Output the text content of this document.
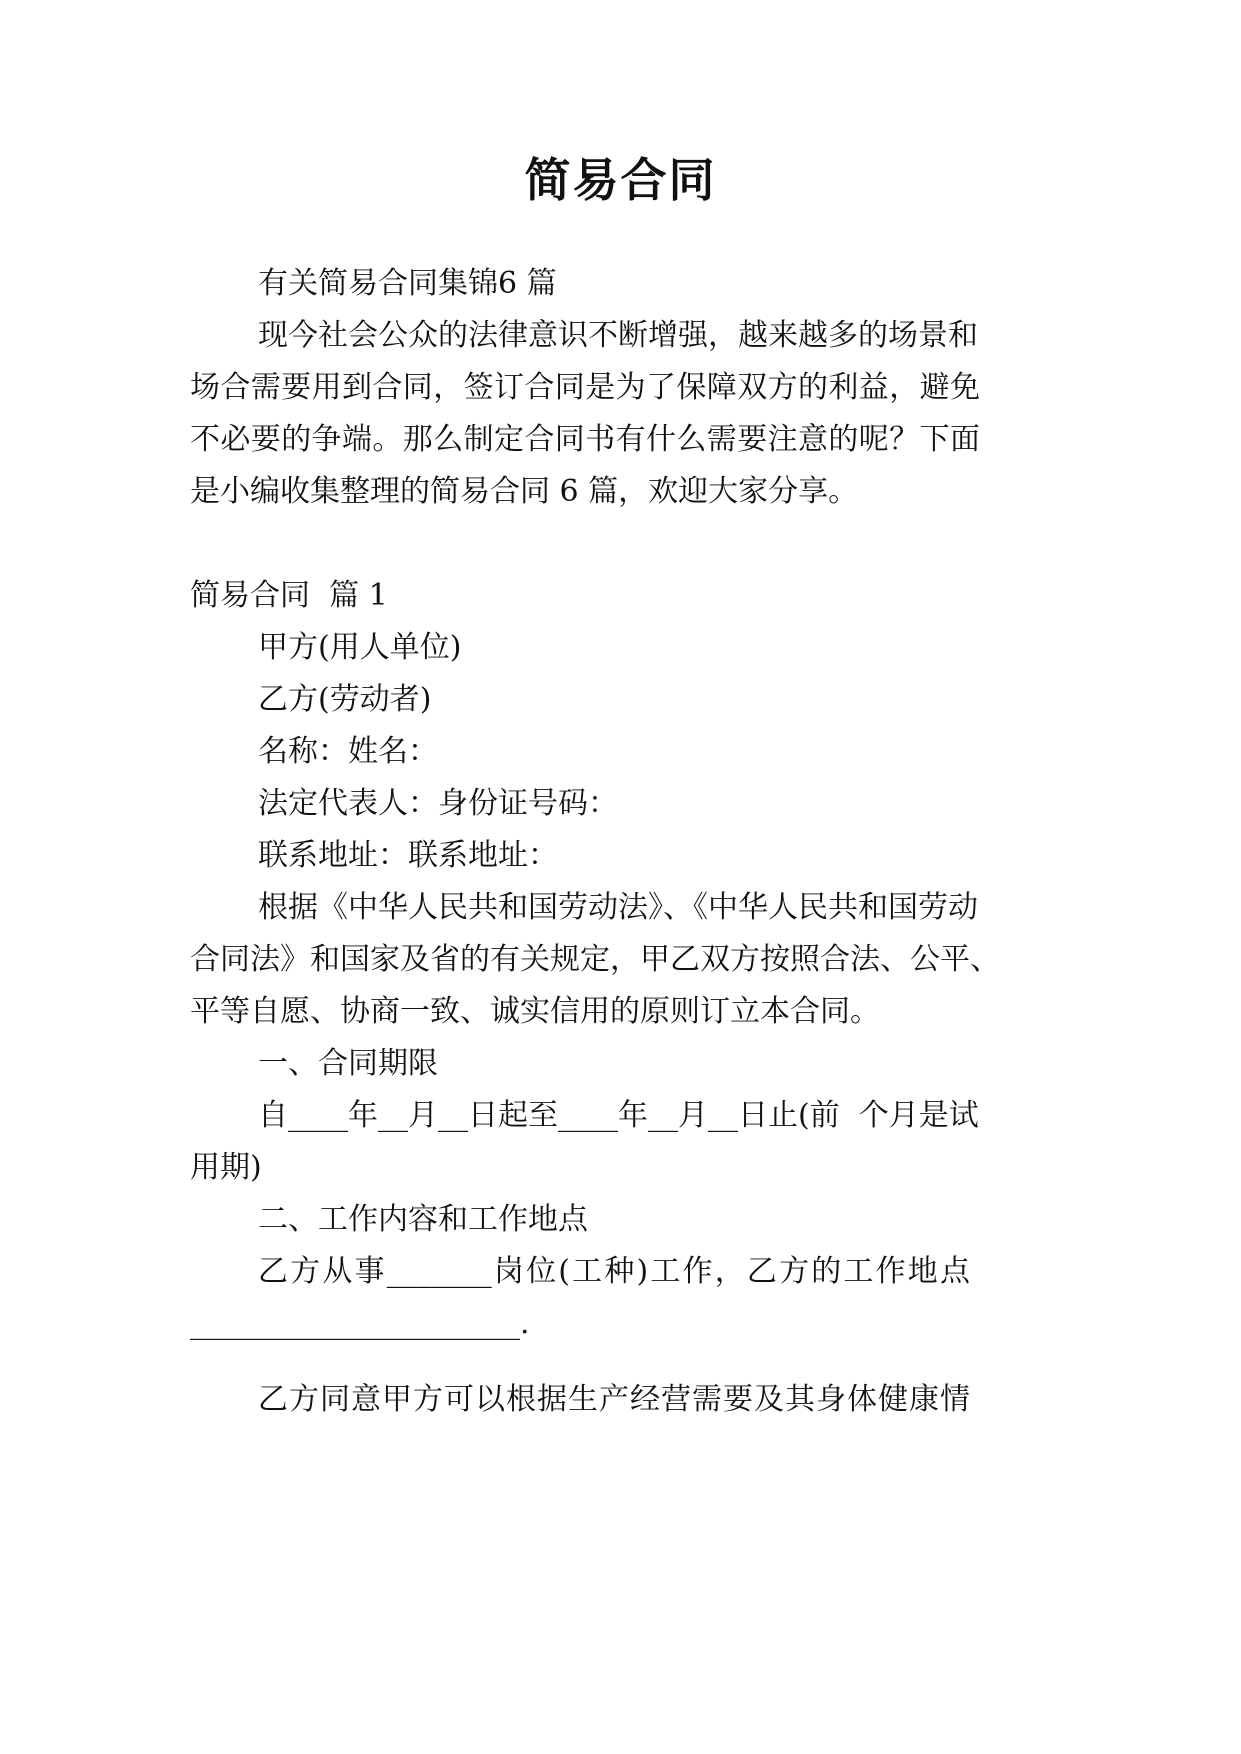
简易合同
有关简易合同集锦6 篇
现今社会公众的法律意识不断增强，越来越多的场景和
场合需要用到合同，签订合同是为了保障双方的利益，避免
不必要的争端。那么制定合同书有什么需要注意的呢？下面
是小编收集整理的简易合同 6 篇，欢迎大家分享。
简易合同  篇 1
甲方(用人单位)
乙方(劳动者)
名称：姓名：
法定代表人：身份证号码：
联系地址：联系地址：
根据《中华人民共和国劳动法》、《中华人民共和国劳动
合同法》和国家及省的有关规定，甲乙双方按照合法、公平、
平等自愿、协商一致、诚实信用的原则订立本合同。
一、合同期限
自____年__月__日起至____年__月__日止(前  个月是试
用期)
二、工作内容和工作地点
乙方从事_______岗位(工种)工作，乙方的工作地点
______________________.
乙方同意甲方可以根据生产经营需要及其身体健康情
